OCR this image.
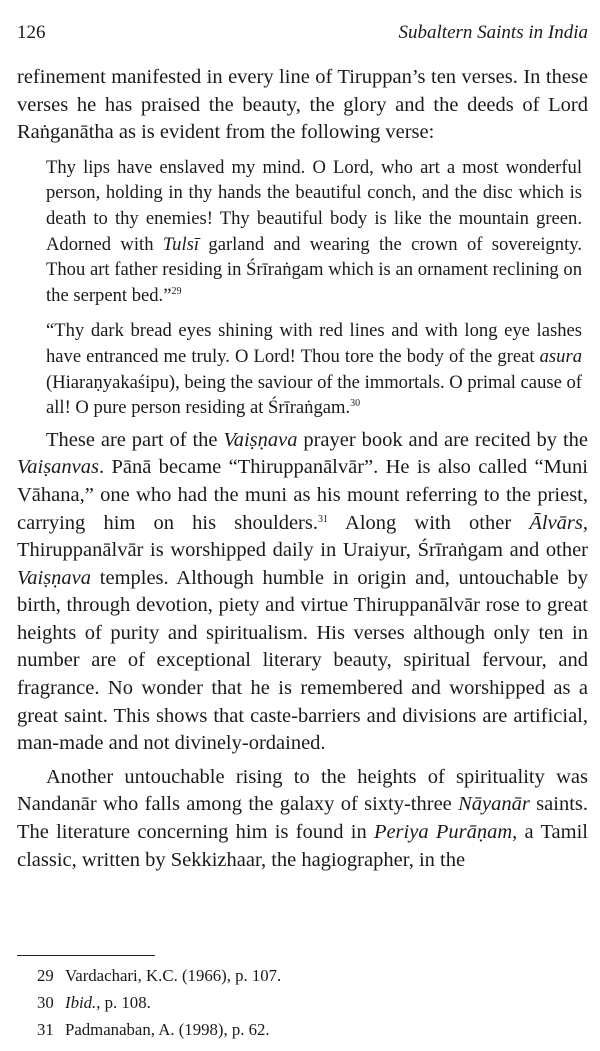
126	Subaltern Saints in India

refinement manifested in every line of Tiruppan’s ten verses. In these verses he has praised the beauty, the glory and the deeds of Lord Raṅganātha as is evident from the following verse:

Thy lips have enslaved my mind. O Lord, who art a most wonderful person, holding in thy hands the beautiful conch, and the disc which is death to thy enemies! Thy beautiful body is like the mountain green. Adorned with Tulsī garland and wearing the crown of sovereignty. Thou art father residing in Śrīraṅgam which is an ornament reclining on the serpent bed.”$^{29}$

“Thy dark bread eyes shining with red lines and with long eye lashes have entranced me truly. O Lord! Thou tore the body of the great asura (Hiaraṇyakaśipu), being the saviour of the immortals. O primal cause of all! O pure person residing at Śrīraṅgam.$^{30}$

These are part of the Vaiṣṇava prayer book and are recited by the Vaiṣanvas. Pānā became “Thiruppanālvār”. He is also called “Muni Vāhana,” one who had the muni as his mount referring to the priest, carrying him on his shoulders.$^{31}$ Along with other Ālvārs, Thiruppanālvār is worshipped daily in Uraiyur, Śrīraṅgam and other Vaiṣṇava temples. Although humble in origin and, untouchable by birth, through devotion, piety and virtue Thiruppanālvār rose to great heights of purity and spiritualism. His verses although only ten in number are of exceptional literary beauty, spiritual fervour, and fragrance. No wonder that he is remembered and worshipped as a great saint. This shows that caste-barriers and divisions are artificial, man-made and not divinely-ordained.

Another untouchable rising to the heights of spirituality was Nandanār who falls among the galaxy of sixty-three Nāyanār saints. The literature concerning him is found in Periya Purāṇam, a Tamil classic, written by Sekkizhaar, the hagiographer, in the

29 Vardachari, K.C. (1966), p. 107.
30 Ibid., p. 108.
31 Padmanaban, A. (1998), p. 62.
